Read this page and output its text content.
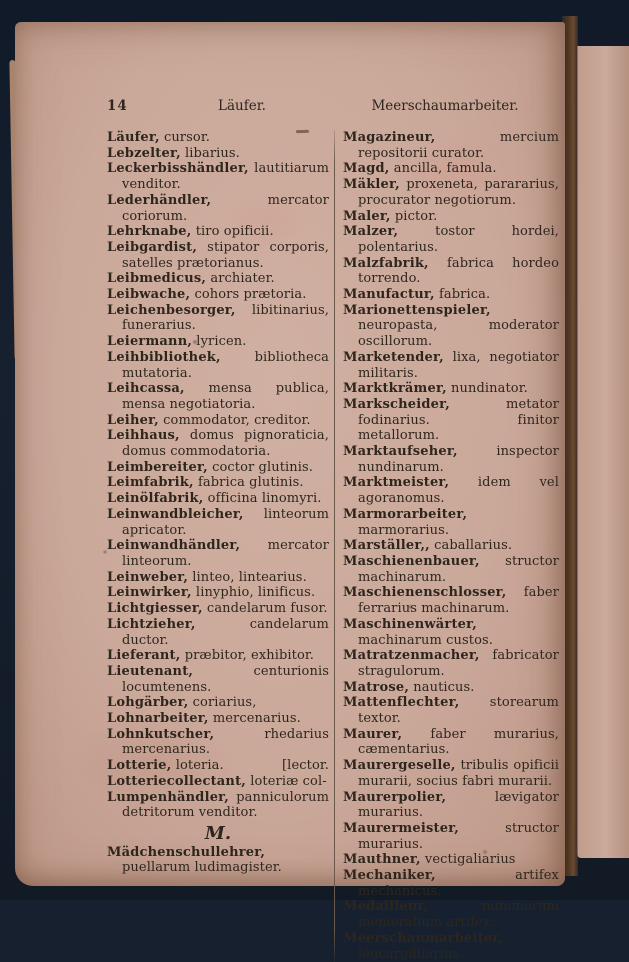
14	Läufer.	Meerschaumarbeiter.
Läufer, cursor.
Lebzelter, libarius.
Leckerbisshändler, lautitiarum venditor.
Lederhändler, mercator coriorum.
Lehrknabe, tiro opificii.
Leibgardist, stipator corporis, satelles prætorianus.
Leibmedicus, archiater.
Leibwache, cohors prætoria.
Leichenbesorger, libitinarius, funerarius.
Leiermann, lyricen.
Leihbibliothek, bibliotheca mutatoria.
Leihcassa, mensa publica, mensa negotiatoria.
Leiher, commodator, creditor.
Leihhaus, domus pignoraticia, domus commodatoria.
Leimbereiter, coctor glutinis.
Leimfabrik, fabrica glutinis.
Leinölfabrik, officina linomyri.
Leinwandbleicher, linteorum apricator.
Leinwandhändler, mercator linteorum.
Leinweber, linteo, lintearius.
Leinwirker, linyphio, linificus.
Lichtgiesser, candelarum fusor.
Lichtzieher, candelarum ductor.
Lieferant, præbitor, exhibitor.
Lieutenant, centurionis locumtenens.
Lohgärber, coriarius,
Lohnarbeiter, mercenarius.
Lohnkutscher, rhedarius mercenarius.
Lotterie,	[lector.
loteria.
Lotteriecollectant, loteriæ col-
Lumpenhändler, panniculorum detritorum venditor.
M.
Mädchenschullehrer, puellarum ludimagister.
Magazineur, mercium repositorii curator.
Magd, ancilla, famula.
Mäkler, proxeneta, parararius, procurator negotiorum.
Maler, pictor.
Malzer, tostor hordei, polentarius.
Malzfabrik, fabrica hordeo torrendo.
Manufactur, fabrica.
Marionettenspieler, neuropasta, moderator oscillorum.
Marketender, lixa, negotiator militaris.
Marktkrämer, nundinator.
Markscheider, metator fodinarius. finitor metallorum.
Marktaufseher, inspector nundinarum.
Marktmeister, idem vel agoranomus.
Marmorarbeiter, marmorarius.
Marställer,, caballarius.
Maschienenbauer, structor machinarum.
Maschienenschlosser, faber ferrarius machinarum.
Maschinenwärter, machinarum custos.
Matratzenmacher, fabricator stragulorum.
Matrose, nauticus.
Mattenflechter, storearum textor.
Maurer, faber murarius, cæmentarius.
Maurergeselle, tribulis opificii murarii, socius fabri murarii.
Maurerpolier, lævigator murarius.
Maurermeister, structor murarius.
Mauthner, vectigaliarius
Mechaniker, artifex mechanicus.
Medailleur, nummorum memoralium artifex.
Meerschaumarbeiter, leucargilliarius.
